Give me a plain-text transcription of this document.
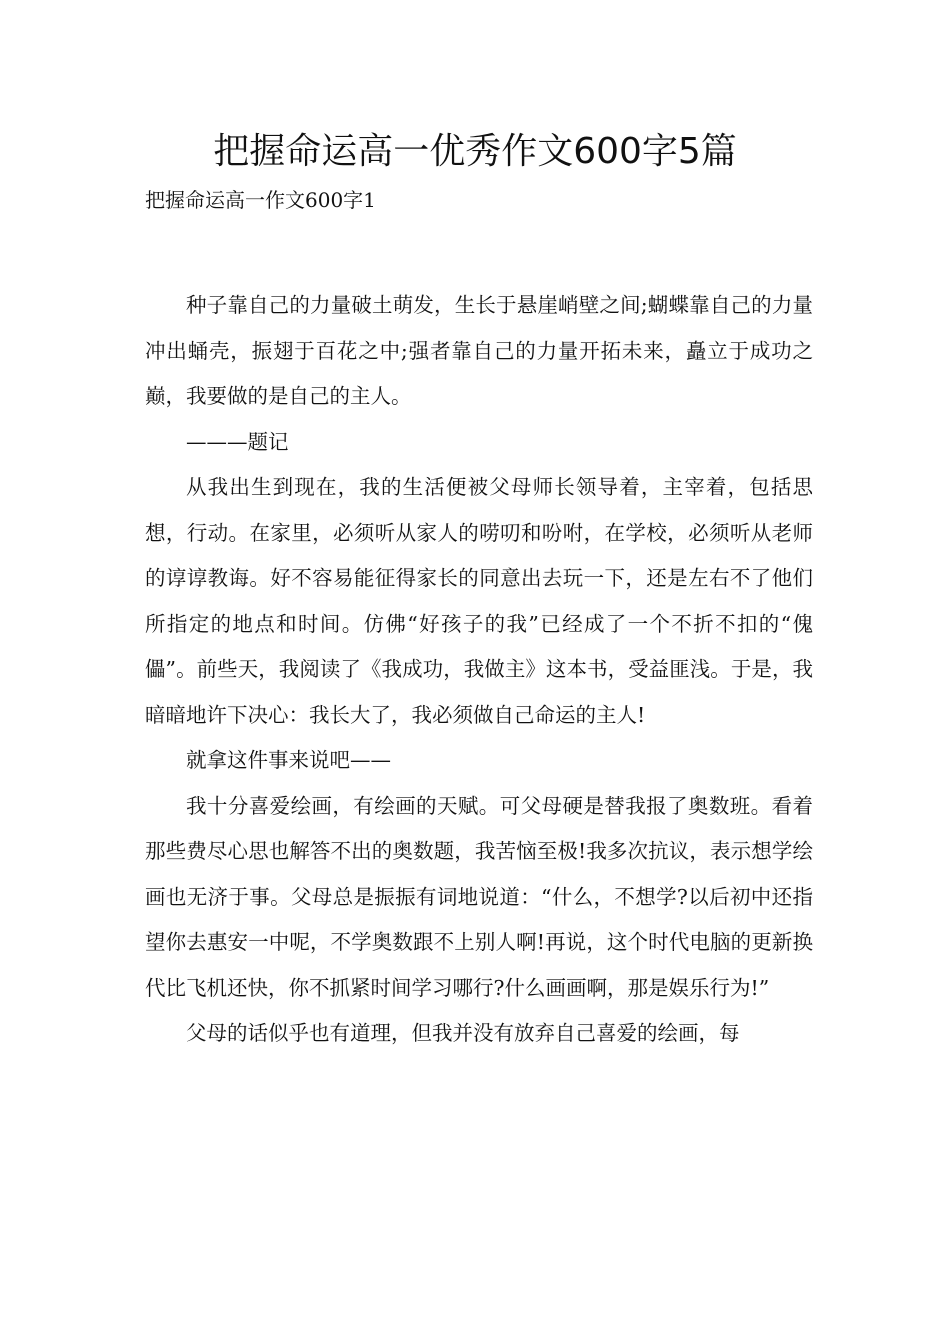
把握命运高一优秀作文600字5篇
把握命运高一作文600字1

种子靠自己的力量破土萌发，生长于悬崖峭壁之间;蝴蝶靠自己的力量冲出蛹壳，振翅于百花之中;强者靠自己的力量开拓未来，矗立于成功之巅，我要做的是自己的主人。

———题记

从我出生到现在，我的生活便被父母师长领导着，主宰着，包括思想，行动。在家里，必须听从家人的唠叨和吩咐，在学校，必须听从老师的谆谆教诲。好不容易能征得家长的同意出去玩一下，还是左右不了他们所指定的地点和时间。仿佛“好孩子的我”已经成了一个不折不扣的“傀儡”。前些天，我阅读了《我成功，我做主》这本书，受益匪浅。于是，我暗暗地许下决心：我长大了，我必须做自己命运的主人!

就拿这件事来说吧——

我十分喜爱绘画，有绘画的天赋。可父母硬是替我报了奥数班。看着那些费尽心思也解答不出的奥数题，我苦恼至极!我多次抗议，表示想学绘画也无济于事。父母总是振振有词地说道：“什么，不想学?以后初中还指望你去惠安一中呢，不学奥数跟不上别人啊!再说，这个时代电脑的更新换代比飞机还快，你不抓紧时间学习哪行?什么画画啊，那是娱乐行为!”

父母的话似乎也有道理，但我并没有放弃自己喜爱的绘画，每
